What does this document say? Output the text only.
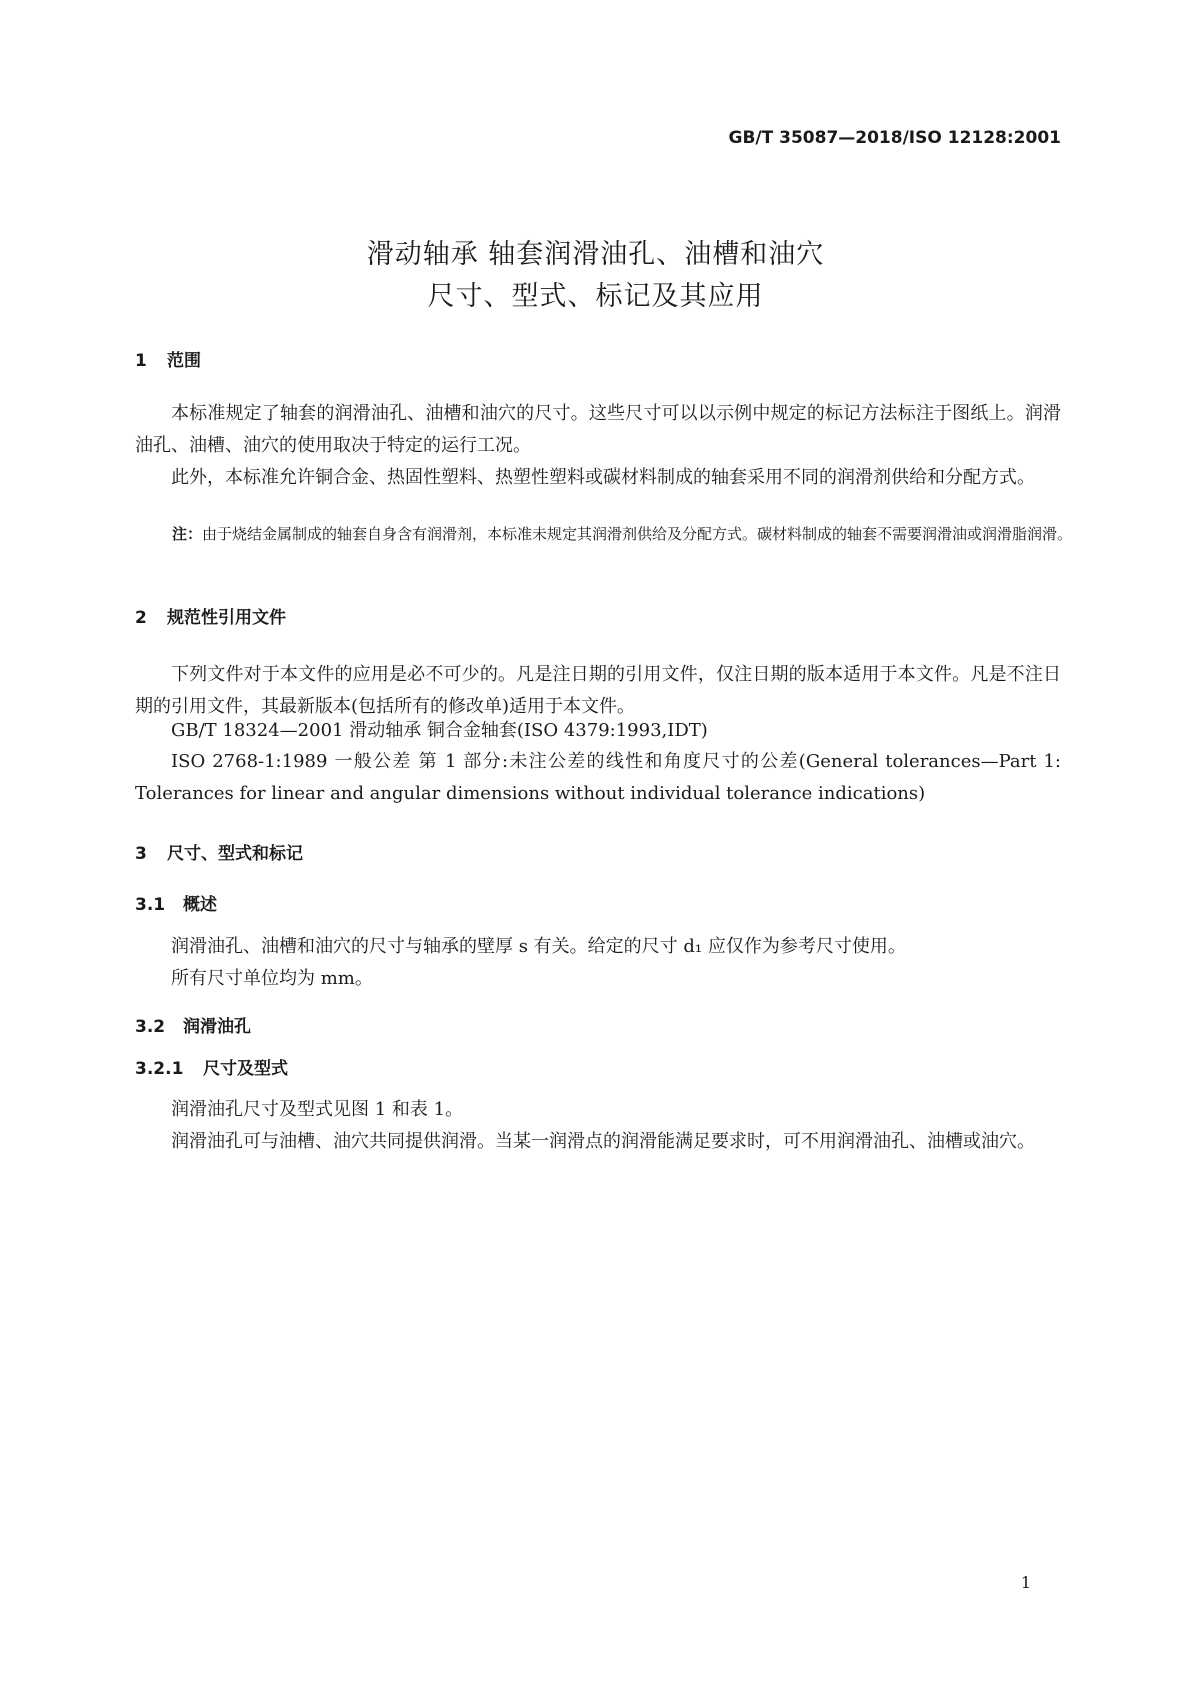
GB/T 35087—2018/ISO 12128:2001
滑动轴承 轴套润滑油孔、油槽和油穴
尺寸、型式、标记及其应用
1 范围
本标准规定了轴套的润滑油孔、油槽和油穴的尺寸。这些尺寸可以以示例中规定的标记方法标注于图纸上。润滑油孔、油槽、油穴的使用取决于特定的运行工况。
此外，本标准允许铜合金、热固性塑料、热塑性塑料或碳材料制成的轴套采用不同的润滑剂供给和分配方式。
注：由于烧结金属制成的轴套自身含有润滑剂，本标准未规定其润滑剂供给及分配方式。碳材料制成的轴套不需要润滑油或润滑脂润滑。
2 规范性引用文件
下列文件对于本文件的应用是必不可少的。凡是注日期的引用文件，仅注日期的版本适用于本文件。凡是不注日期的引用文件，其最新版本(包括所有的修改单)适用于本文件。
GB/T 18324—2001 滑动轴承 铜合金轴套(ISO 4379:1993,IDT)
ISO 2768-1:1989 一般公差 第 1 部分:未注公差的线性和角度尺寸的公差(General tolerances—Part 1: Tolerances for linear and angular dimensions without individual tolerance indications)
3 尺寸、型式和标记
3.1 概述
润滑油孔、油槽和油穴的尺寸与轴承的壁厚 s 有关。给定的尺寸 d₁ 应仅作为参考尺寸使用。
所有尺寸单位均为 mm。
3.2 润滑油孔
3.2.1 尺寸及型式
润滑油孔尺寸及型式见图 1 和表 1。
润滑油孔可与油槽、油穴共同提供润滑。当某一润滑点的润滑能满足要求时，可不用润滑油孔、油槽或油穴。
1
